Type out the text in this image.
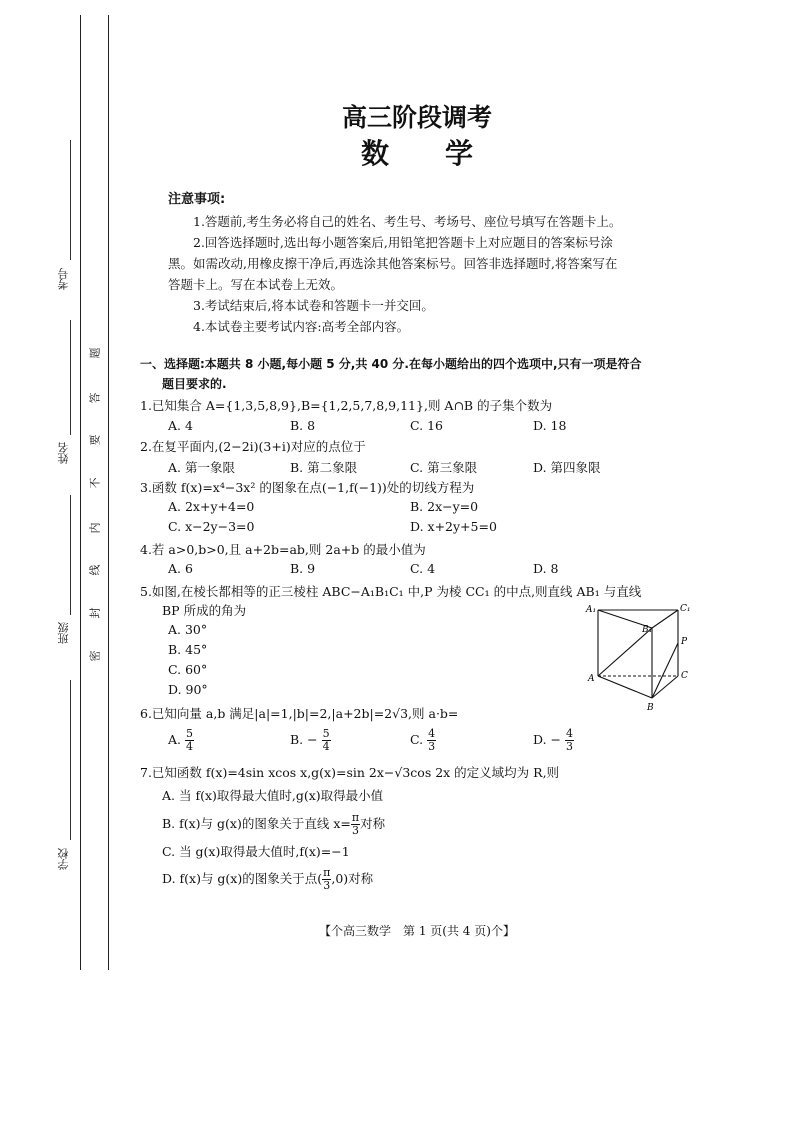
考号
姓名
班级
学校
题
答
要
不
内
线
封
密
高三阶段调考
数　　学
注意事项:
1.答题前,考生务必将自己的姓名、考生号、考场号、座位号填写在答题卡上。
2.回答选择题时,选出每小题答案后,用铅笔把答题卡上对应题目的答案标号涂
黑。如需改动,用橡皮擦干净后,再选涂其他答案标号。回答非选择题时,将答案写在
答题卡上。写在本试卷上无效。
3.考试结束后,将本试卷和答题卡一并交回。
4.本试卷主要考试内容:高考全部内容。
一、选择题:本题共 8 小题,每小题 5 分,共 40 分.在每小题给出的四个选项中,只有一项是符合
题目要求的.
1.已知集合 A={1,3,5,8,9},B={1,2,5,7,8,9,11},则 A∩B 的子集个数为
A. 4	B. 8	C. 16	D. 18
2.在复平面内,(2−2i)(3+i)对应的点位于
A. 第一象限	B. 第二象限	C. 第三象限	D. 第四象限
3.函数 f(x)=x⁴−3x² 的图象在点(−1,f(−1))处的切线方程为
A. 2x+y+4=0	B. 2x−y=0
C. x−2y−3=0	D. x+2y+5=0
4.若 a>0,b>0,且 a+2b=ab,则 2a+b 的最小值为
A. 6	B. 9	C. 4	D. 8
5.如图,在棱长都相等的正三棱柱 ABC−A₁B₁C₁ 中,P 为棱 CC₁ 的中点,则直线 AB₁ 与直线
BP 所成的角为
A. 30°
B. 45°
C. 60°
D. 90°
A₁
B₁
C₁
P
C
A
B
6.已知向量 a,b 满足|a|=1,|b|=2,|a+2b|=2√3,则 a·b=
A. $\frac{5}{4}$	B. − $\frac{5}{4}$	C. $\frac{4}{3}$	D. − $\frac{4}{3}$
7.已知函数 f(x)=4sin xcos x,g(x)=sin 2x−√3cos 2x 的定义域均为 R,则
A. 当 f(x)取得最大值时,g(x)取得最小值
B. f(x)与 g(x)的图象关于直线 $x= \frac{\pi}{3}$ 对称
C. 当 g(x)取得最大值时,f(x)=−1
D. f(x)与 g(x)的图象关于点( $\frac{\pi}{3} ,0$)对称
【个高三数学　第 1 页(共 4 页)个】
